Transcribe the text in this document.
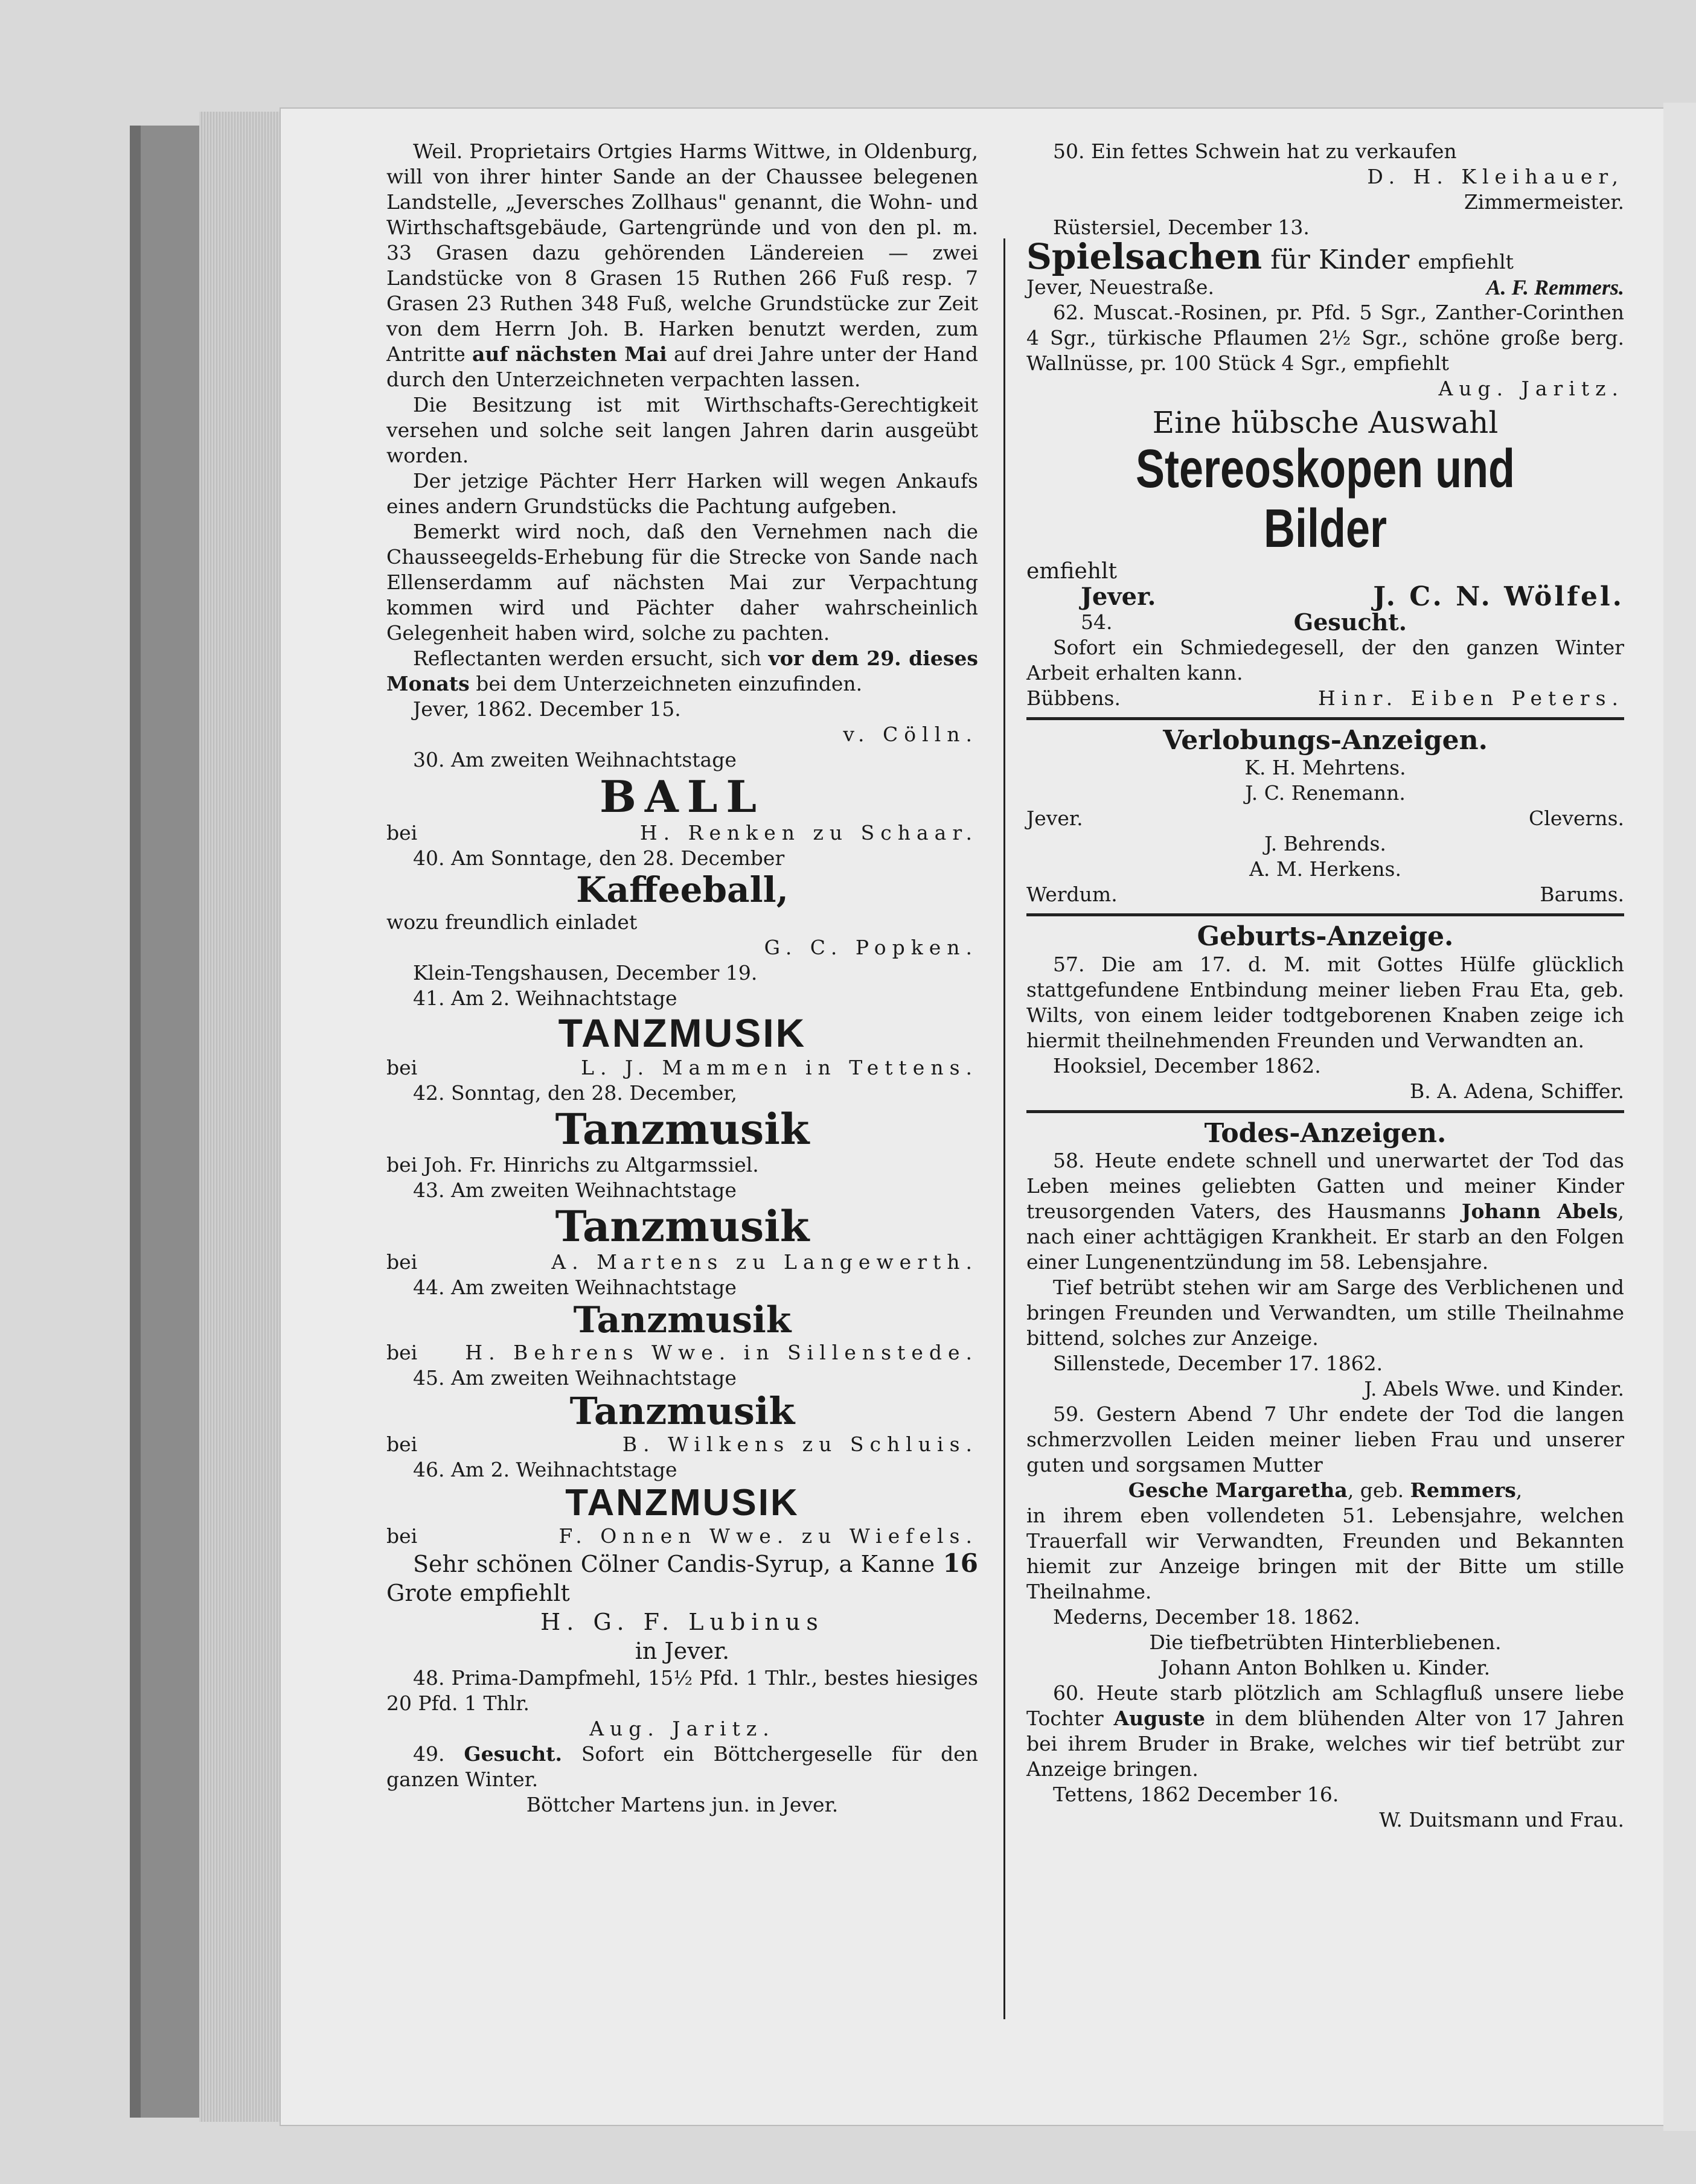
Weil. Proprietairs Ortgies Harms Wittwe, in Oldenburg, will von ihrer hinter Sande an der Chaussee belegenen Landstelle, „Jeversches Zollhaus" genannt, die Wohn- und Wirthschaftsgebäude, Gartengründe und von den pl. m. 33 Grasen dazu gehörenden Ländereien — zwei Landstücke von 8 Grasen 15 Ruthen 266 Fuß resp. 7 Grasen 23 Ruthen 348 Fuß, welche Grundstücke zur Zeit von dem Herrn Joh. B. Harken benutzt werden, zum Antritte auf nächsten Mai auf drei Jahre unter der Hand durch den Unterzeichneten verpachten lassen.

Die Besitzung ist mit Wirthschafts-Gerechtigkeit versehen und solche seit langen Jahren darin ausgeübt worden.

Der jetzige Pächter Herr Harken will wegen Ankaufs eines andern Grundstücks die Pachtung aufgeben.

Bemerkt wird noch, daß den Vernehmen nach die Chausseegelds-Erhebung für die Strecke von Sande nach Ellenserdamm auf nächsten Mai zur Verpachtung kommen wird und Pächter daher wahrscheinlich Gelegenheit haben wird, solche zu pachten.

Reflectanten werden ersucht, sich vor dem 29. dieses Monats bei dem Unterzeichneten einzufinden.

Jever, 1862. December 15.

v. Cölln.

30. Am zweiten Weihnachtstage

BALL
bei	H. Renken zu Schaar.

40. Am Sonntage, den 28. December

Kaffeeball,

wozu freundlich einladet

G. C. Popken.

Klein-Tengshausen, December 19.

41. Am 2. Weihnachtstage

TANZMUSIK
bei	L. J. Mammen in Tettens.

42. Sonntag, den 28. December,

Tanzmusik

bei Joh. Fr. Hinrichs zu Altgarmssiel.

43. Am zweiten Weihnachtstage

Tanzmusik
bei	A. Martens zu Langewerth.

44. Am zweiten Weihnachtstage

Tanzmusik
bei H. Behrens Wwe. in Sillenstede.

45. Am zweiten Weihnachtstage

Tanzmusik
bei	B. Wilkens zu Schluis.

46. Am 2. Weihnachtstage

TANZMUSIK
bei	F. Onnen Wwe. zu Wiefels.

Sehr schönen Cölner Candis-Syrup, a Kanne 16 Grote empfiehlt

H. G. F. Lubinus

in Jever.

48. Prima-Dampfmehl, 15½ Pfd. 1 Thlr., bestes hiesiges 20 Pfd. 1 Thlr.

Aug. Jaritz.

49. Gesucht. Sofort ein Böttchergeselle für den ganzen Winter.

Böttcher Martens jun. in Jever.

50. Ein fettes Schwein hat zu verkaufen

D. H. Kleihauer,

Zimmermeister.

Rüstersiel, December 13.

Spielsachen für Kinder empfiehlt

Jever, Neuestraße.	A. F. Remmers.

62. Muscat.-Rosinen, pr. Pfd. 5 Sgr., Zanther-Corinthen 4 Sgr., türkische Pflaumen 2½ Sgr., schöne große berg. Wallnüsse, pr. 100 Stück 4 Sgr., empfiehlt

Aug. Jaritz.

Eine hübsche Auswahl
Stereoskopen und Bilder

emfiehlt

Jever.	J. C. N. Wölfel.
54.	Gesucht.

Sofort ein Schmiedegesell, der den ganzen Winter Arbeit erhalten kann.

Bübbens.	Hinr. Eiben Peters.
Verlobungs-Anzeigen.

K. H. Mehrtens.

J. C. Renemann.

Jever.	Cleverns.

J. Behrends.

A. M. Herkens.

Werdum.	Barums.
Geburts-Anzeige.

57. Die am 17. d. M. mit Gottes Hülfe glücklich stattgefundene Entbindung meiner lieben Frau Eta, geb. Wilts, von einem leider todtgeborenen Knaben zeige ich hiermit theilnehmenden Freunden und Verwandten an.

Hooksiel, December 1862.

B. A. Adena, Schiffer.

Todes-Anzeigen.

58. Heute endete schnell und unerwartet der Tod das Leben meines geliebten Gatten und meiner Kinder treusorgenden Vaters, des Hausmanns Johann Abels, nach einer achttägigen Krankheit. Er starb an den Folgen einer Lungenentzündung im 58. Lebensjahre.

Tief betrübt stehen wir am Sarge des Verblichenen und bringen Freunden und Verwandten, um stille Theilnahme bittend, solches zur Anzeige.

Sillenstede, December 17. 1862.

J. Abels Wwe. und Kinder.

59. Gestern Abend 7 Uhr endete der Tod die langen schmerzvollen Leiden meiner lieben Frau und unserer guten und sorgsamen Mutter

Gesche Margaretha, geb. Remmers,

in ihrem eben vollendeten 51. Lebensjahre, welchen Trauerfall wir Verwandten, Freunden und Bekannten hiemit zur Anzeige bringen mit der Bitte um stille Theilnahme.

Mederns, December 18. 1862.

Die tiefbetrübten Hinterbliebenen.

Johann Anton Bohlken u. Kinder.

60. Heute starb plötzlich am Schlagfluß unsere liebe Tochter Auguste in dem blühenden Alter von 17 Jahren bei ihrem Bruder in Brake, welches wir tief betrübt zur Anzeige bringen.

Tettens, 1862 December 16.

W. Duitsmann und Frau.
